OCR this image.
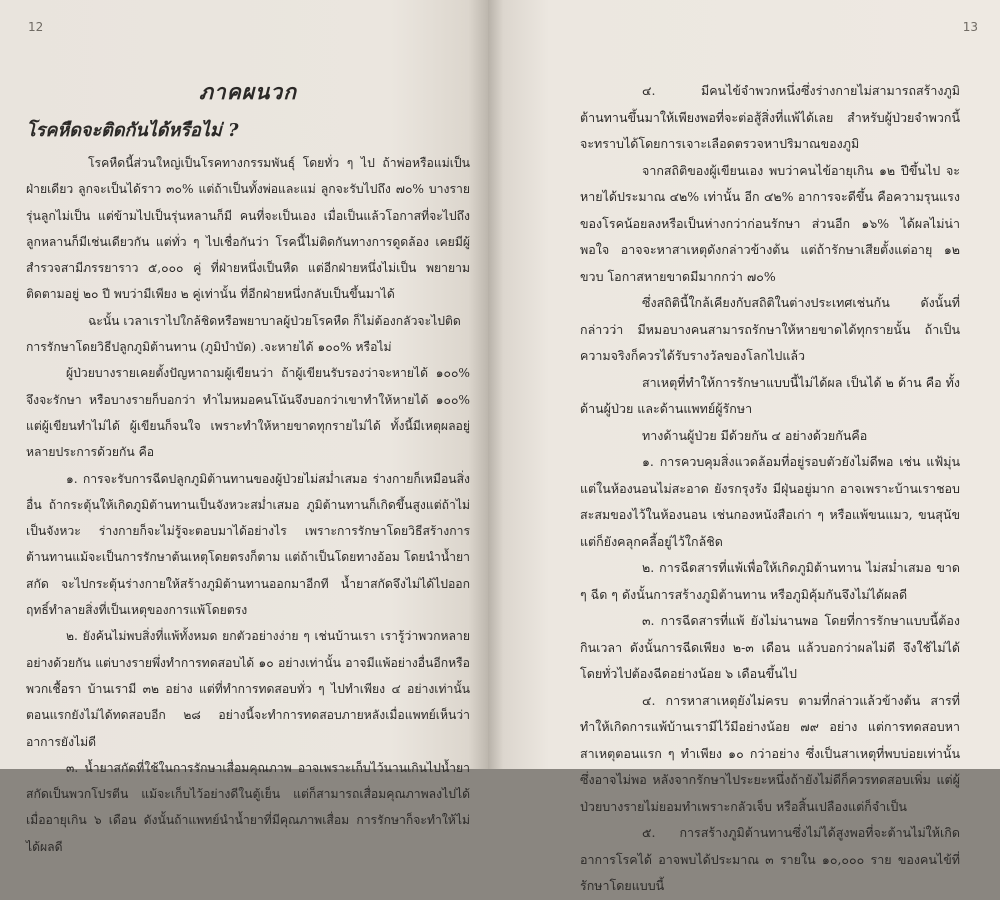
12
ภาคผนวก
โรคหืดจะติดกันได้หรือไม่ ?

โรคหืดนี้ส่วนใหญ่เป็นโรคทางกรรมพันธุ์ โดยทั่ว ๆ ไป ถ้าพ่อหรือแม่เป็นฝ่ายเดียว ลูกจะเป็นได้ราว ๓๐% แต่ถ้าเป็นทั้งพ่อและแม่ ลูกจะรับไปถึง ๗๐% บางรายรุ่นลูกไม่เป็น แต่ข้ามไปเป็นรุ่นหลานก็มี คนที่จะเป็นเอง เมื่อเป็นแล้วโอกาสที่จะไปถึงลูกหลานก็มีเช่นเดียวกัน แต่ทั่ว ๆ ไปเชื่อกันว่า โรคนี้ไม่ติดกันทางการดูดล้อง เคยมีผู้สำรวจสามีภรรยาราว ๕,๐๐๐ คู่ ที่ฝ่ายหนึ่งเป็นหืด แต่อีกฝ่ายหนึ่งไม่เป็น พยายามติดตามอยู่ ๒๐ ปี พบว่ามีเพียง ๒ คู่เท่านั้น ที่อีกฝ่ายหนึ่งกลับเป็นขึ้นมาได้

ฉะนั้น เวลาเราไปใกล้ชิดหรือพยาบาลผู้ป่วยโรคหืด ก็ไม่ต้องกลัวจะไปติด

การรักษาโดยวิธีปลูกภูมิต้านทาน (ภูมิบำบัด) .จะหายได้ ๑๐๐% หรือไม่

ผู้ป่วยบางรายเคยตั้งปัญหาถามผู้เขียนว่า ถ้าผู้เขียนรับรองว่าจะหายได้ ๑๐๐% จึงจะรักษา หรือบางรายก็บอกว่า ทำไมหมอคนโน้นจึงบอกว่าเขาทำให้หายได้ ๑๐๐% แต่ผู้เขียนทำไม่ได้ ผู้เขียนก็จนใจ เพราะทำให้หายขาดทุกรายไม่ได้ ทั้งนี้มีเหตุผลอยู่หลายประการด้วยกัน คือ

๑. การจะรับการฉีดปลูกภูมิต้านทานของผู้ป่วยไม่สม่ำเสมอ ร่างกายก็เหมือนสิ่งอื่น ถ้ากระตุ้นให้เกิดภูมิต้านทานเป็นจังหวะสม่ำเสมอ ภูมิต้านทานก็เกิดขึ้นสูงแต่ถ้าไม่เป็นจังหวะ ร่างกายก็จะไม่รู้จะตอบมาได้อย่างไร เพราะการรักษาโดยวิธีสร้างการต้านทานแม้จะเป็นการรักษาต้นเหตุโดยตรงก็ตาม แต่ถ้าเป็นโดยทางอ้อม โดยนำน้ำยาสกัด จะไปกระตุ้นร่างกายให้สร้างภูมิต้านทานออกมาอีกที น้ำยาสกัดจึงไม่ได้ไปออกฤทธิ์ทำลายสิ่งที่เป็นเหตุของการแพ้โดยตรง

๒. ยังค้นไม่พบสิ่งที่แพ้ทั้งหมด ยกตัวอย่างง่าย ๆ เช่นบ้านเรา เรารู้ว่าพวกหลายอย่างด้วยกัน แต่บางรายพึ่งทำการทดสอบได้ ๑๐ อย่างเท่านั้น อาจมีแพ้อย่างอื่นอีกหรือพวกเชื้อรา บ้านเรามี ๓๒ อย่าง แต่ที่ทำการทดสอบทั่ว ๆ ไปทำเพียง ๔ อย่างเท่านั้นตอนแรกยังไม่ได้ทดสอบอีก ๒๘ อย่างนี้จะทำการทดสอบภายหลังเมื่อแพทย์เห็นว่าอาการยังไม่ดี

๓. น้ำยาสกัดที่ใช้ในการรักษาเสื่อมคุณภาพ อาจเพราะเก็บไว้นานเกินไปน้ำยาสกัดเป็นพวกโปรตีน แม้จะเก็บไว้อย่างดีในตู้เย็น แต่ก็สามารถเสื่อมคุณภาพลงไปได้ เมื่ออายุเกิน ๖ เดือน ดังนั้นถ้าแพทย์นำน้ำยาที่มีคุณภาพเสื่อม การรักษาก็จะทำให้ไม่ได้ผลดี

13

๔. มีคนไข้จำพวกหนึ่งซึ่งร่างกายไม่สามารถสร้างภูมิต้านทานขึ้นมาให้เพียงพอที่จะต่อสู้สิ่งที่แพ้ได้เลย สำหรับผู้ป่วยจำพวกนี้ จะทราบได้โดยการเจาะเลือดตรวจหาปริมาณของภูมิ

จากสถิติของผู้เขียนเอง พบว่าคนไข้อายุเกิน ๑๒ ปีขึ้นไป จะหายได้ประมาณ ๔๒% เท่านั้น อีก ๔๒% อาการจะดีขึ้น คือความรุนแรงของโรคน้อยลงหรือเป็นห่างกว่าก่อนรักษา ส่วนอีก ๑๖% ได้ผลไม่น่าพอใจ อาจจะหาสาเหตุดังกล่าวข้างต้น แต่ถ้ารักษาเสียตั้งแต่อายุ ๑๒ ขวบ โอกาสหายขาดมีมากกว่า ๗๐%

ซึ่งสถิตินี้ใกล้เคียงกับสถิติในต่างประเทศเช่นกัน ดังนั้นที่กล่าวว่า มีหมอบางคนสามารถรักษาให้หายขาดได้ทุกรายนั้น ถ้าเป็นความจริงก็ควรได้รับรางวัลของโลกไปแล้ว

สาเหตุที่ทำให้การรักษาแบบนี้ไม่ได้ผล เป็นได้ ๒ ด้าน คือ ทั้งด้านผู้ป่วย และด้านแพทย์ผู้รักษา

ทางด้านผู้ป่วย มีด้วยกัน ๔ อย่างด้วยกันคือ

๑. การควบคุมสิ่งแวดล้อมที่อยู่รอบตัวยังไม่ดีพอ เช่น แฟ้มุ่น แต่ในห้องนอนไม่สะอาด ยังรกรุงรัง มีฝุ่นอยู่มาก อาจเพราะบ้านเราชอบสะสมของไว้ในห้องนอน เช่นกองหนังสือเก่า ๆ หรือแพ้ขนแมว, ขนสุนัข แต่ก็ยังคลุกคลี้อยู่ไว้ใกล้ชิด

๒. การฉีดสารที่แพ้เพื่อให้เกิดภูมิต้านทาน ไม่สม่ำเสมอ ขาด ๆ ฉีด ๆ ดังนั้นการสร้างภูมิต้านทาน หรือภูมิคุ้มกันจึงไม่ได้ผลดี

๓. การฉีดสารที่แพ้ ยังไม่นานพอ โดยที่การรักษาแบบนี้ต้องกินเวลา ดังนั้นการฉีดเพียง ๒-๓ เดือน แล้วบอกว่าผลไม่ดี จึงใช้ไม่ได้ โดยทั่วไปต้องฉีดอย่างน้อย ๖ เดือนขึ้นไป

๔. การหาสาเหตุยังไม่ครบ ตามที่กล่าวแล้วข้างต้น สารที่ทำให้เกิดการแพ้บ้านเรามีไว้มีอย่างน้อย ๗๙ อย่าง แต่การทดสอบหาสาเหตุตอนแรก ๆ ทำเพียง ๑๐ กว่าอย่าง ซึ่งเป็นสาเหตุที่พบบ่อยเท่านั้น ซึ่งอาจไม่พอ หลังจากรักษาไประยะหนึ่งถ้ายังไม่ดีก็ควรทดสอบเพิ่ม แต่ผู้ป่วยบางรายไม่ยอมทำเพราะกลัวเจ็บ หรือสิ้นเปลืองแต่ก็จำเป็น

๕. การสร้างภูมิต้านทานซึ่งไม่ได้สูงพอที่จะต้านไม่ให้เกิดอาการโรคได้ อาจพบได้ประมาณ ๓ รายใน ๑๐,๐๐๐ ราย ของคนไข้ที่รักษาโดยแบบนี้
